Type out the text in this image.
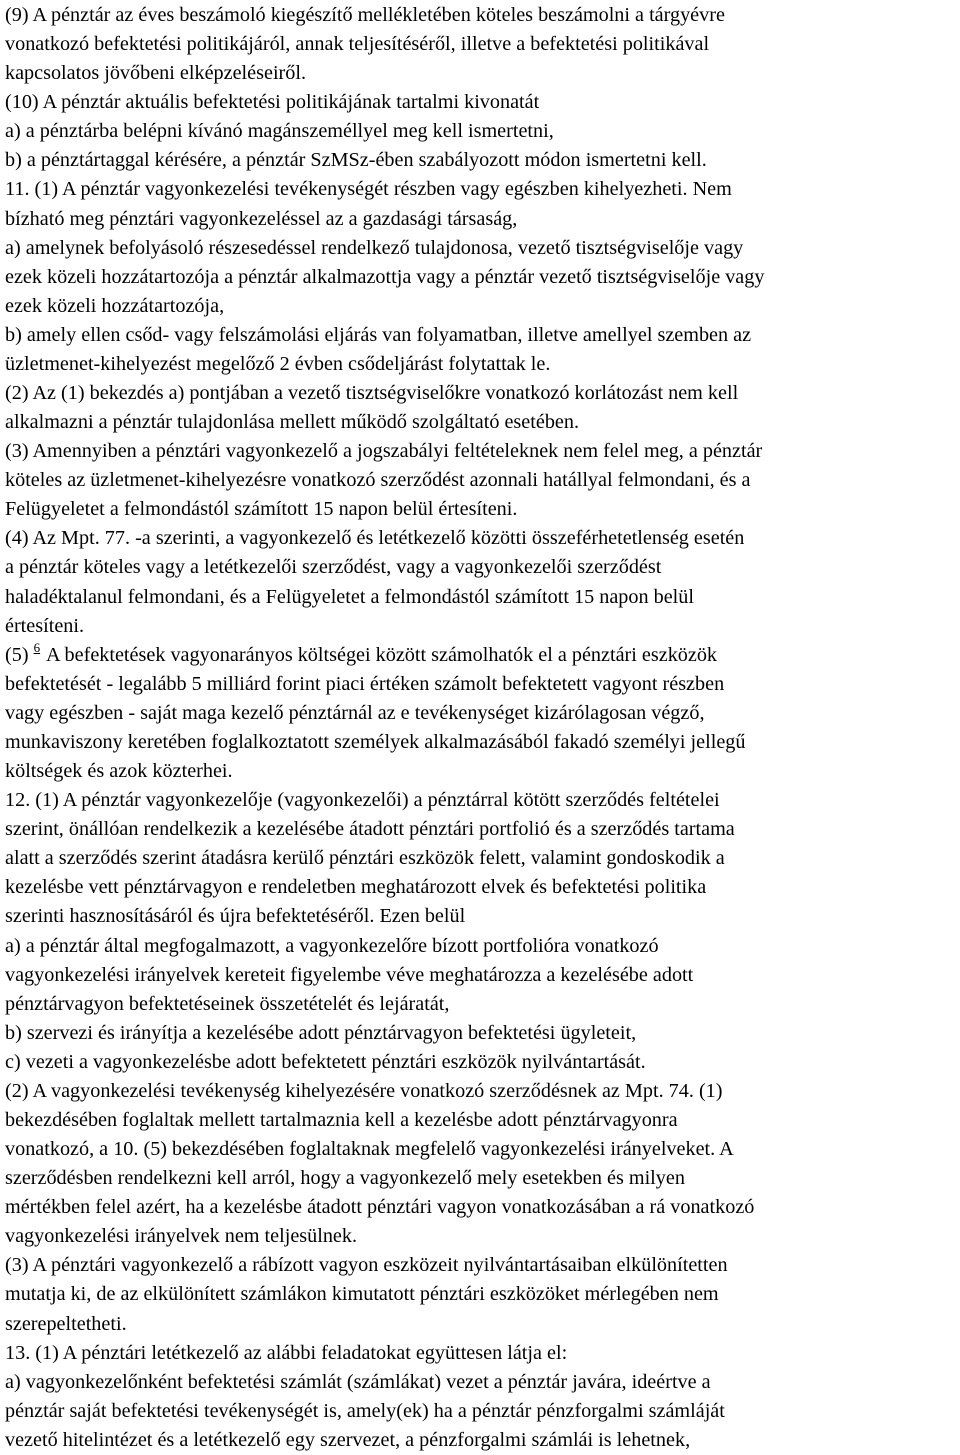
(9) A pénztár az éves beszámoló kiegészítő mellékletében köteles beszámolni a tárgyévre
vonatkozó befektetési politikájáról, annak teljesítéséről, illetve a befektetési politikával
kapcsolatos jövőbeni elképzeléseiről.
(10) A pénztár aktuális befektetési politikájának tartalmi kivonatát
a) a pénztárba belépni kívánó magánszeméllyel meg kell ismertetni,
b) a pénztártaggal kérésére, a pénztár SzMSz-ében szabályozott módon ismertetni kell.
11. (1) A pénztár vagyonkezelési tevékenységét részben vagy egészben kihelyezheti. Nem
bízható meg pénztári vagyonkezeléssel az a gazdasági társaság,
a) amelynek befolyásoló részesedéssel rendelkező tulajdonosa, vezető tisztségviselője vagy
ezek közeli hozzátartozója a pénztár alkalmazottja vagy a pénztár vezető tisztségviselője vagy
ezek közeli hozzátartozója,
b) amely ellen csőd- vagy felszámolási eljárás van folyamatban, illetve amellyel szemben az
üzletmenet-kihelyezést megelőző 2 évben csődeljárást folytattak le.
(2) Az (1) bekezdés a) pontjában a vezető tisztségviselőkre vonatkozó korlátozást nem kell
alkalmazni a pénztár tulajdonlása mellett működő szolgáltató esetében.
(3) Amennyiben a pénztári vagyonkezelő a jogszabályi feltételeknek nem felel meg, a pénztár
köteles az üzletmenet-kihelyezésre vonatkozó szerződést azonnali hatállyal felmondani, és a
Felügyeletet a felmondástól számított 15 napon belül értesíteni.
(4) Az Mpt. 77. -a szerinti, a vagyonkezelő és letétkezelő közötti összeférhetetlenség esetén
a pénztár köteles vagy a letétkezelői szerződést, vagy a vagyonkezelői szerződést
haladéktalanul felmondani, és a Felügyeletet a felmondástól számított 15 napon belül
értesíteni.
(5) $^6$ A befektetések vagyonarányos költségei között számolhatók el a pénztári eszközök
befektetését - legalább 5 milliárd forint piaci értéken számolt befektetett vagyont részben
vagy egészben - saját maga kezelő pénztárnál az e tevékenységet kizárólagosan végző,
munkaviszony keretében foglalkoztatott személyek alkalmazásából fakadó személyi jellegű
költségek és azok közterhei.
12. (1) A pénztár vagyonkezelője (vagyonkezelői) a pénztárral kötött szerződés feltételei
szerint, önállóan rendelkezik a kezelésébe átadott pénztári portfolió és a szerződés tartama
alatt a szerződés szerint átadásra kerülő pénztári eszközök felett, valamint gondoskodik a
kezelésbe vett pénztárvagyon e rendeletben meghatározott elvek és befektetési politika
szerinti hasznosításáról és újra befektetéséről. Ezen belül
a) a pénztár által megfogalmazott, a vagyonkezelőre bízott portfolióra vonatkozó
vagyonkezelési irányelvek kereteit figyelembe véve meghatározza a kezelésébe adott
pénztárvagyon befektetéseinek összetételét és lejáratát,
b) szervezi és irányítja a kezelésébe adott pénztárvagyon befektetési ügyleteit,
c) vezeti a vagyonkezelésbe adott befektetett pénztári eszközök nyilvántartását.
(2) A vagyonkezelési tevékenység kihelyezésére vonatkozó szerződésnek az Mpt. 74. (1)
bekezdésében foglaltak mellett tartalmaznia kell a kezelésbe adott pénztárvagyonra
vonatkozó, a 10. (5) bekezdésében foglaltaknak megfelelő vagyonkezelési irányelveket. A
szerződésben rendelkezni kell arról, hogy a vagyonkezelő mely esetekben és milyen
mértékben felel azért, ha a kezelésbe átadott pénztári vagyon vonatkozásában a rá vonatkozó
vagyonkezelési irányelvek nem teljesülnek.
(3) A pénztári vagyonkezelő a rábízott vagyon eszközeit nyilvántartásaiban elkülönítetten
mutatja ki, de az elkülönített számlákon kimutatott pénztári eszközöket mérlegében nem
szerepeltetheti.
13. (1) A pénztári letétkezelő az alábbi feladatokat együttesen látja el:
a) vagyonkezelőnként befektetési számlát (számlákat) vezet a pénztár javára, ideértve a
pénztár saját befektetési tevékenységét is, amely(ek) ha a pénztár pénzforgalmi számláját
vezető hitelintézet és a letétkezelő egy szervezet, a pénzforgalmi számlái is lehetnek,
